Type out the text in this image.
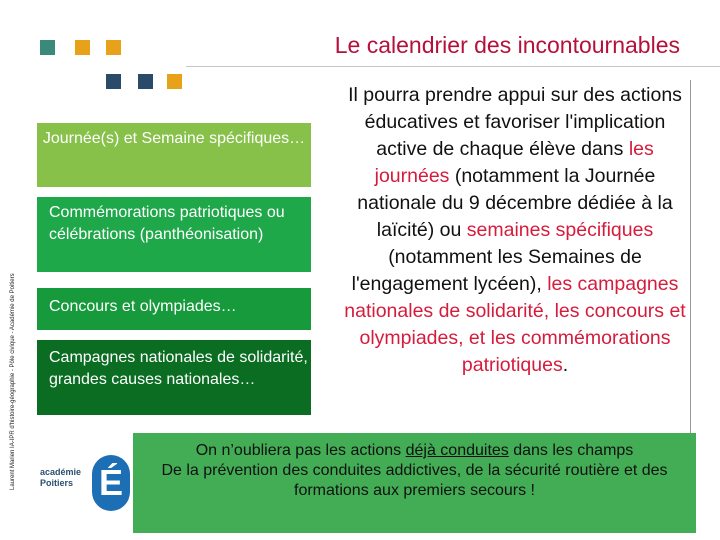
Le calendrier des incontournables
Laurent Marien IA-IPR d'histoire-géographie - Pôle civique - Académie de Poitiers
Journée(s) et Semaine spécifiques…
Commémorations patriotiques ou célébrations (panthéonisation)
Concours et olympiades…
Campagnes nationales de solidarité, grandes causes nationales…
Il pourra prendre appui sur des actions éducatives et favoriser l'implication active de chaque élève dans les journées (notamment la Journée nationale du 9 décembre dédiée à la laïcité) ou semaines spécifiques (notamment les Semaines de l'engagement lycéen), les campagnes nationales de solidarité, les concours et olympiades, et les commémorations patriotiques.
académie
Poitiers É
On n’oubliera pas les actions déjà conduites dans les champs
De la prévention des conduites addictives, de la sécurité routière et des formations aux premiers secours !
